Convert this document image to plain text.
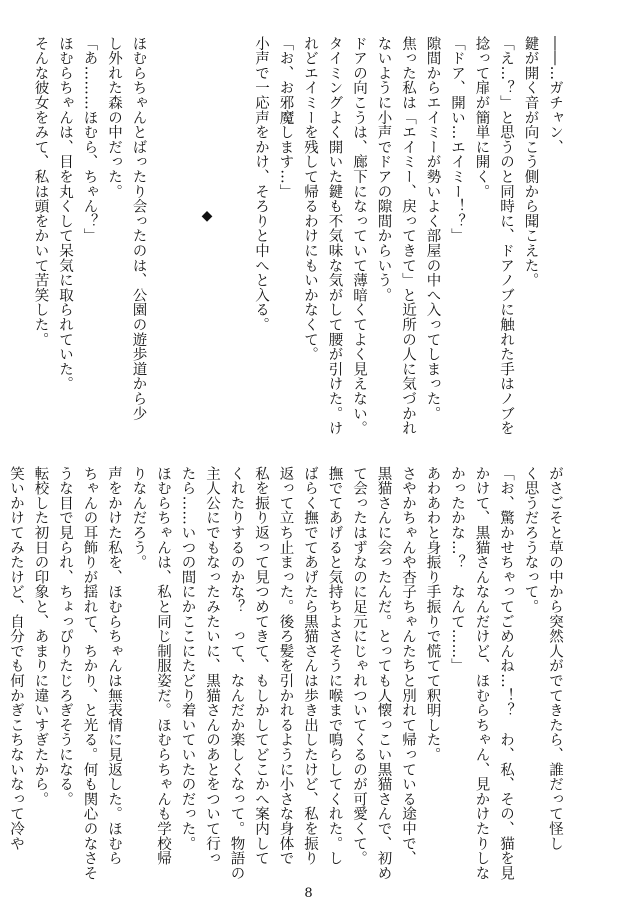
――…ガチャン、
鍵が開く音が向こう側から聞こえた。
「え…？」と思うのと同時に、ドアノブに触れた手はノブを
捻って扉が簡単に開く。
「ドア、開い…エイミー！？」
隙間からエイミーが勢いよく部屋の中へ入ってしまった。
焦った私は「エイミー、戻ってきて」と近所の人に気づかれ
ないように小声でドアの隙間からいう。
ドアの向こうは、廊下になっていて薄暗くてよく見えない。
タイミングよく開いた鍵も不気味な気がして腰が引けた。け
れどエイミーを残して帰るわけにもいかなくて。
「お、お邪魔します…」
小声で一応声をかけ、そろりと中へと入る。
ほむらちゃんとばったり会ったのは、公園の遊歩道から少
し外れた森の中だった。
「あ………ほむら、ちゃん？」
ほむらちゃんは、目を丸くして呆気に取られていた。
そんな彼女をみて、私は頭をかいて苦笑した。	◆
がさごそと草の中から突然人がでてきたら、誰だって怪し
く思うだろうなって。
「お、驚かせちゃってごめんね…！？　わ、私、その、猫を見
かけて、黒猫さんなんだけど、ほむらちゃん、見かけたりしな
かったかな…？　なんて……」
あわあわと身振り手振りで慌てて釈明した。
さやかちゃんや杏子ちゃんたちと別れて帰っている途中で、
黒猫さんに会ったんだ。とっても人懐っこい黒猫さんで、初め
て会ったはずなのに足元にじゃれついてくるのが可愛くて。
撫でてあげると気持ちよさそうに喉まで鳴らしてくれた。し
ばらく撫でてあげたら黒猫さんは歩き出したけど、私を振り
返って立ち止まった。後ろ髪を引かれるように小さな身体で
私を振り返って見つめてきて、もしかしてどこかへ案内して
くれたりするのかな？　って、なんだか楽しくなって。物語の
主人公にでもなったみたいに、黒猫さんのあとをついて行っ
たら……いつの間にかここにたどり着いていたのだった。
ほむらちゃんは、私と同じ制服姿だ。ほむらちゃんも学校帰
りなんだろう。
声をかけた私を、ほむらちゃんは無表情に見返した。ほむら
ちゃんの耳飾りが揺れて、ちかり、と光る。何も関心のなさそ
うな目で見られ、ちょっぴりたじろぎそうになる。
転校した初日の印象と、あまりに違いすぎたから。
笑いかけてみたけど、自分でも何かぎこちないなって冷や
8
